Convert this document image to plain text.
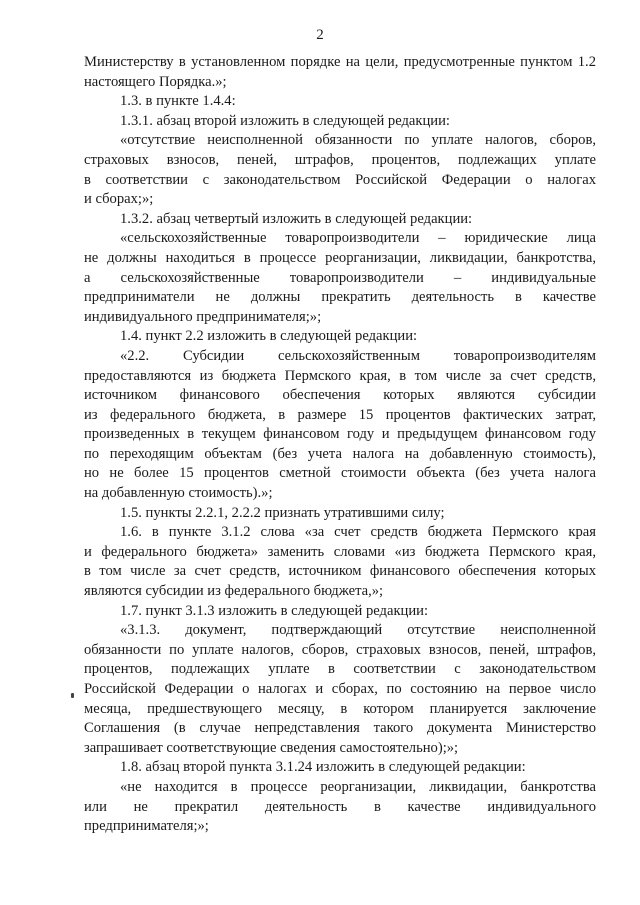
2
Министерству в установленном порядке на цели, предусмотренные пунктом 1.2
настоящего Порядка.»;
1.3. в пункте 1.4.4:
1.3.1. абзац второй изложить в следующей редакции:
«отсутствие неисполненной обязанности по уплате налогов, сборов,
страховых взносов, пеней, штрафов, процентов, подлежащих уплате
в соответствии с законодательством Российской Федерации о налогах
и сборах;»;
1.3.2. абзац четвертый изложить в следующей редакции:
«сельскохозяйственные товаропроизводители – юридические лица
не должны находиться в процессе реорганизации, ликвидации, банкротства,
а сельскохозяйственные товаропроизводители – индивидуальные
предприниматели не должны прекратить деятельность в качестве
индивидуального предпринимателя;»;
1.4. пункт 2.2 изложить в следующей редакции:
«2.2. Субсидии сельскохозяйственным товаропроизводителям
предоставляются из бюджета Пермского края, в том числе за счет средств,
источником финансового обеспечения которых являются субсидии
из федерального бюджета, в размере 15 процентов фактических затрат,
произведенных в текущем финансовом году и предыдущем финансовом году
по переходящим объектам (без учета налога на добавленную стоимость),
но не более 15 процентов сметной стоимости объекта (без учета налога
на добавленную стоимость).»;
1.5. пункты 2.2.1, 2.2.2 признать утратившими силу;
1.6. в пункте 3.1.2 слова «за счет средств бюджета Пермского края
и федерального бюджета» заменить словами «из бюджета Пермского края,
в том числе за счет средств, источником финансового обеспечения которых
являются субсидии из федерального бюджета,»;
1.7. пункт 3.1.3 изложить в следующей редакции:
«3.1.3. документ, подтверждающий отсутствие неисполненной
обязанности по уплате налогов, сборов, страховых взносов, пеней, штрафов,
процентов, подлежащих уплате в соответствии с законодательством
Российской Федерации о налогах и сборах, по состоянию на первое число
месяца, предшествующего месяцу, в котором планируется заключение
Соглашения (в случае непредставления такого документа Министерство
запрашивает соответствующие сведения самостоятельно);»;
1.8. абзац второй пункта 3.1.24 изложить в следующей редакции:
«не находится в процессе реорганизации, ликвидации, банкротства
или не прекратил деятельность в качестве индивидуального
предпринимателя;»;
